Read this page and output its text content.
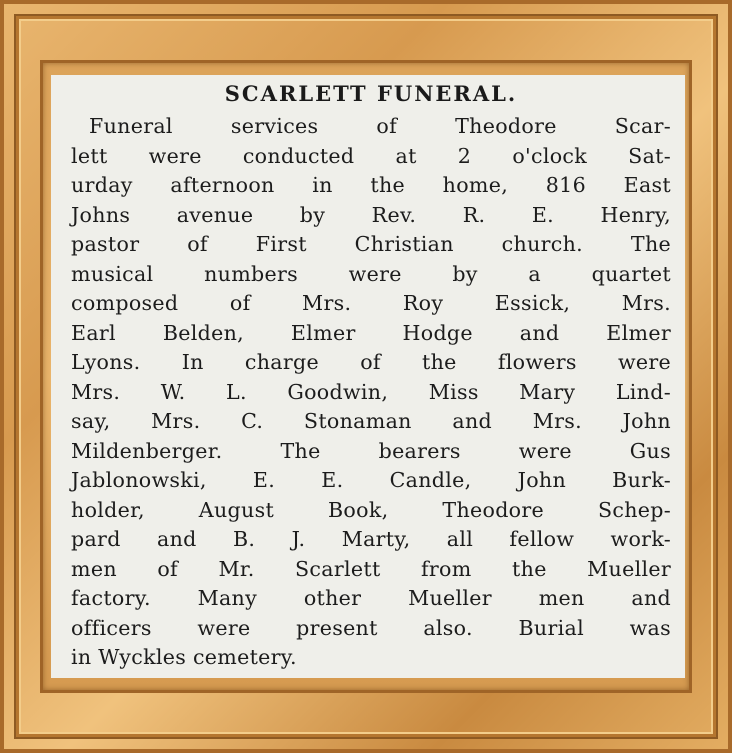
SCARLETT FUNERAL.

Funeral services of Theodore Scar-
lett were conducted at 2 o'clock Sat-
urday afternoon in the home, 816 East
Johns avenue by Rev. R. E. Henry,
pastor of First Christian church. The
musical numbers were by a quartet
composed of Mrs. Roy Essick, Mrs.
Earl Belden, Elmer Hodge and Elmer
Lyons. In charge of the flowers were
Mrs. W. L. Goodwin, Miss Mary Lind-
say, Mrs. C. Stonaman and Mrs. John
Mildenberger. The bearers were Gus
Jablonowski, E. E. Candle, John Burk-
holder, August Book, Theodore Schep-
pard and B. J. Marty, all fellow work-
men of Mr. Scarlett from the Mueller
factory. Many other Mueller men and
officers were present also. Burial was
in Wyckles cemetery.
